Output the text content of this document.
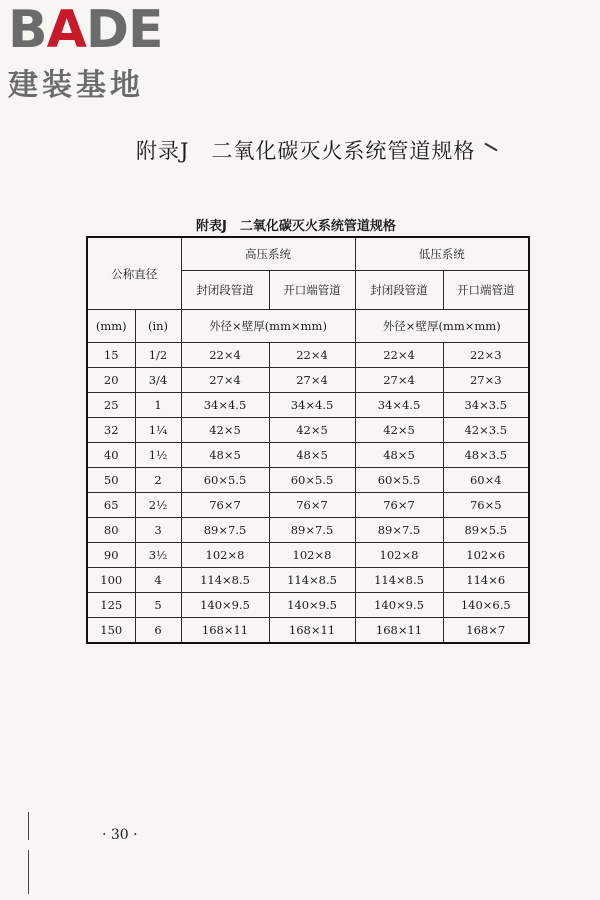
BADE
建装基地
附录J　二氧化碳灭火系统管道规格
附表J　二氧化碳灭火系统管道规格
公称直径		高压系统		低压系统	
		封闭段管道	开口端管道	封闭段管道	开口端管道
(mm)	(in)	外径×壁厚(mm×mm)		外径×壁厚(mm×mm)	
15	1/2	22×4	22×4	22×4	22×3
20	3/4	27×4	27×4	27×4	27×3
25	1	34×4.5	34×4.5	34×4.5	34×3.5
32	1¼	42×5	42×5	42×5	42×3.5
40	1½	48×5	48×5	48×5	48×3.5
50	2	60×5.5	60×5.5	60×5.5	60×4
65	2½	76×7	76×7	76×7	76×5
80	3	89×7.5	89×7.5	89×7.5	89×5.5
90	3½	102×8	102×8	102×8	102×6
100	4	114×8.5	114×8.5	114×8.5	114×6
125	5	140×9.5	140×9.5	140×9.5	140×6.5
150	6	168×11	168×11	168×11	168×7
· 30 ·
